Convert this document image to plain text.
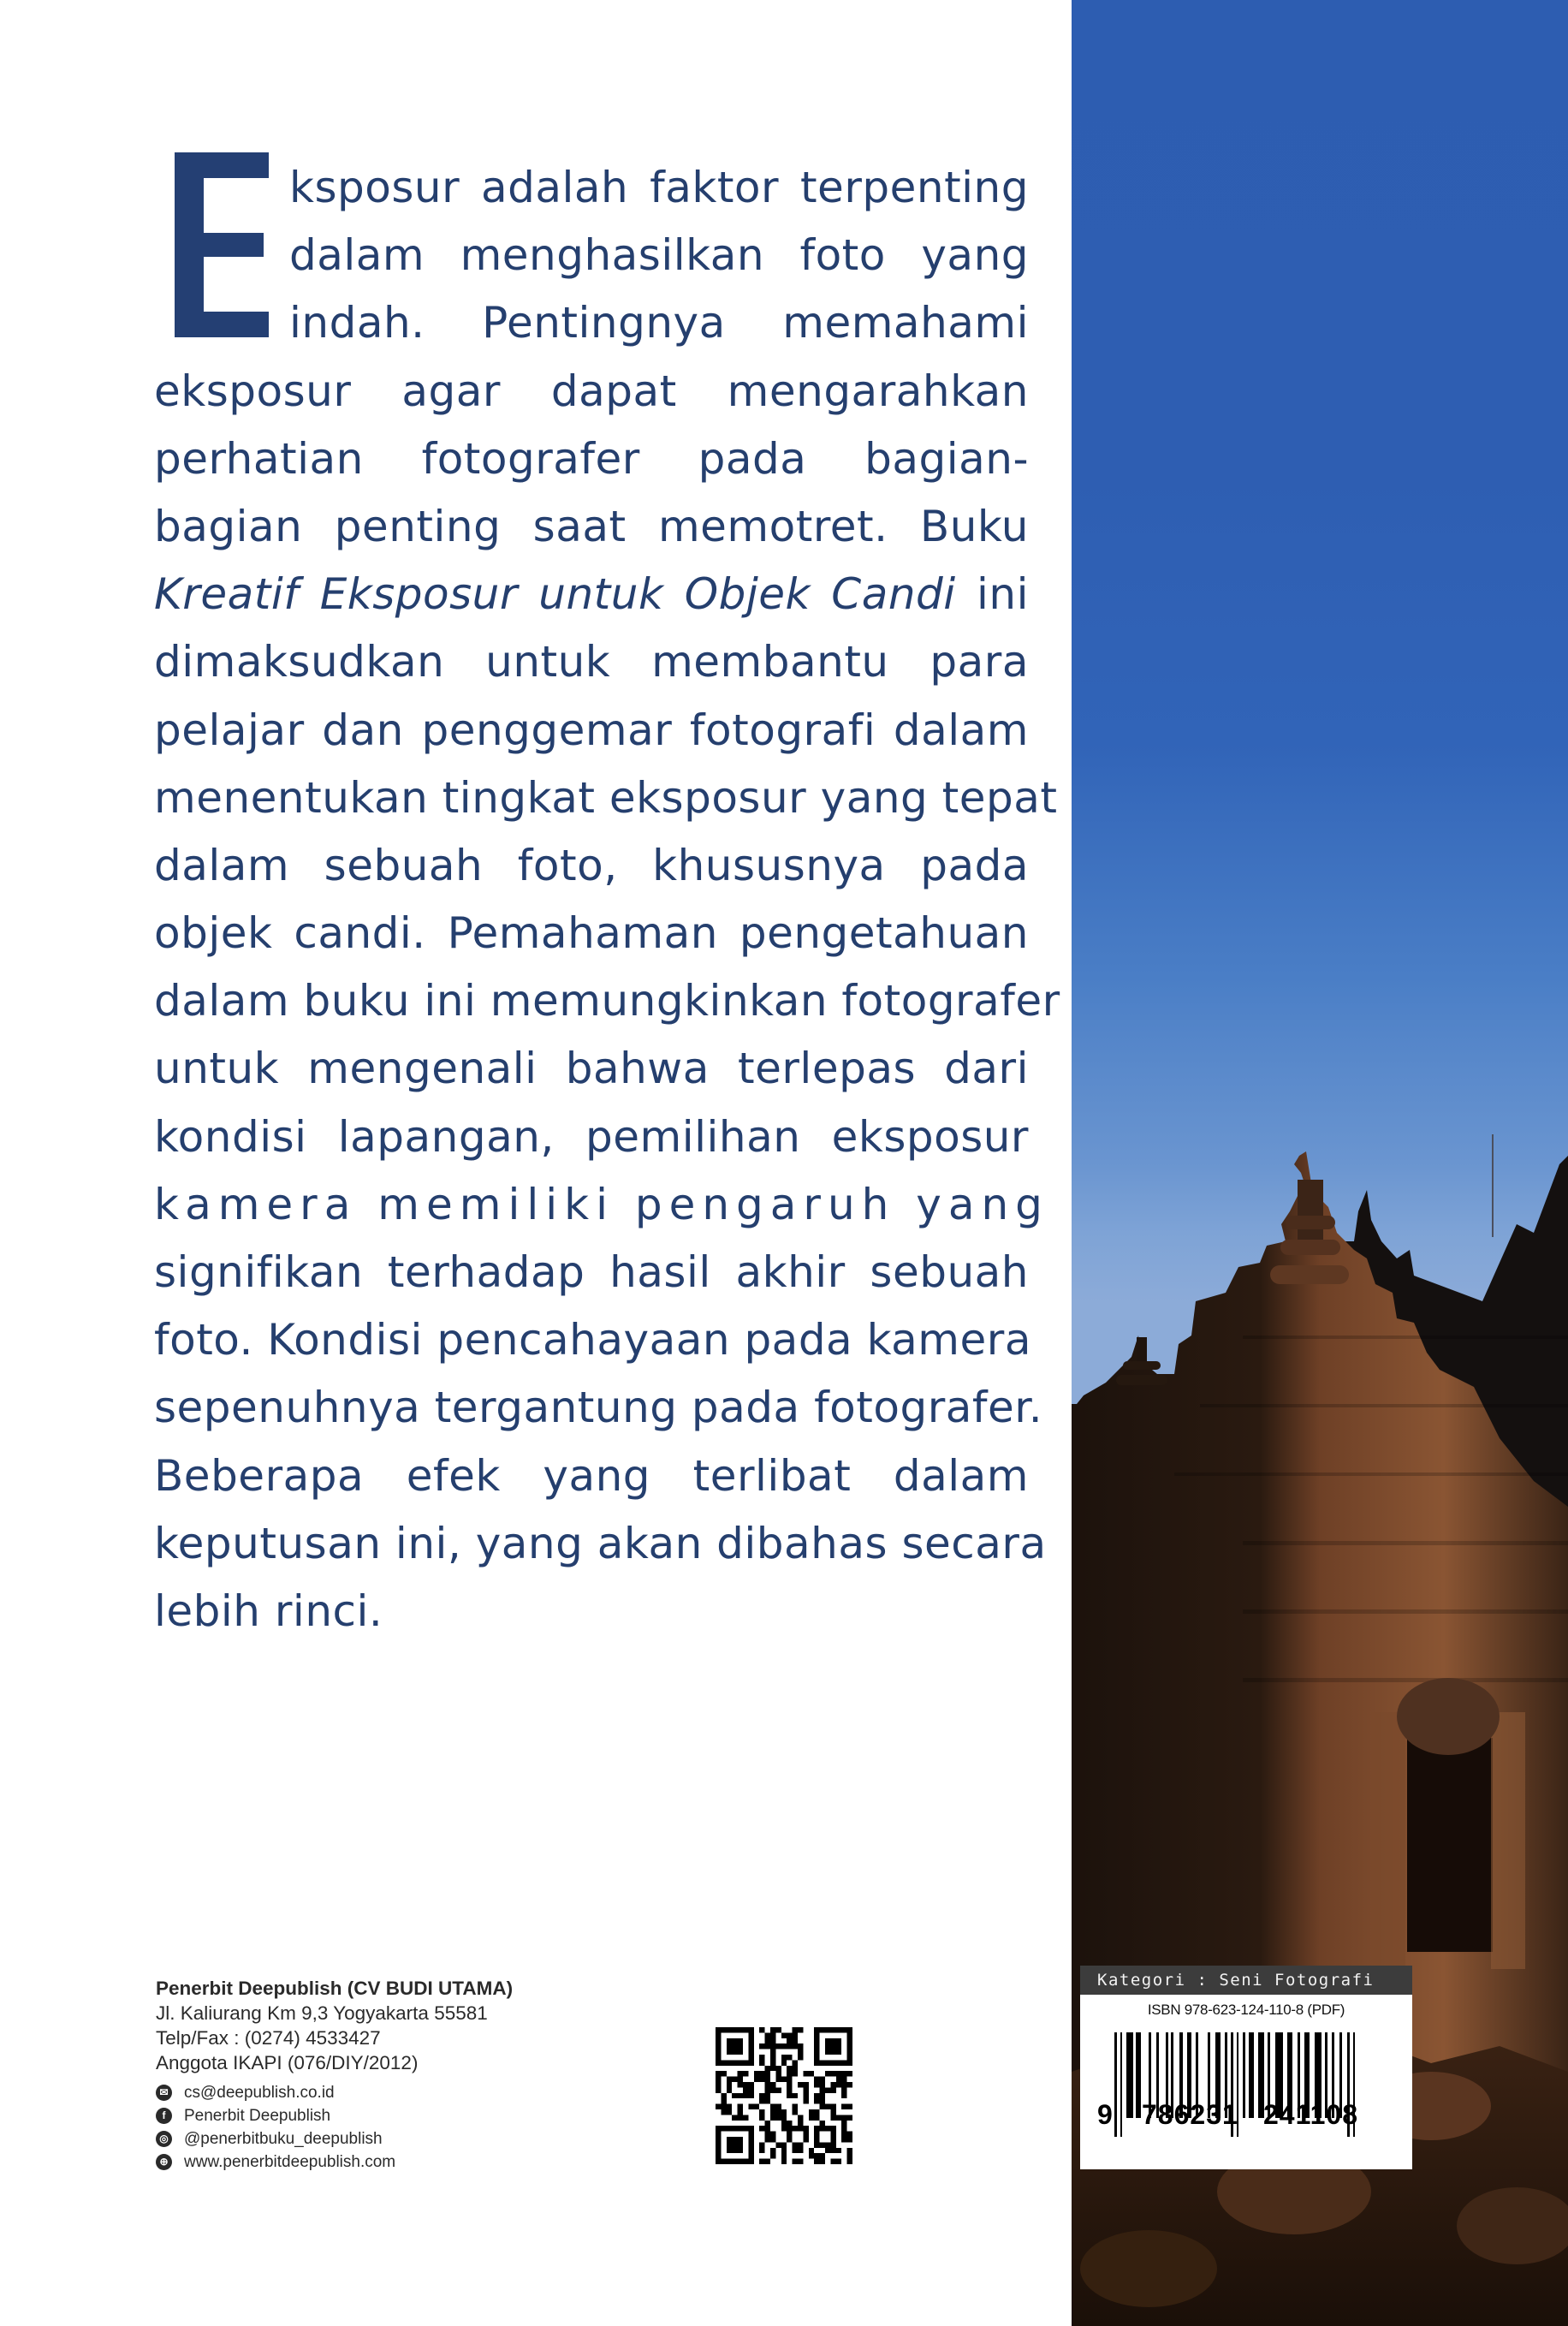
ksposur adalah faktor terpenting
dalam menghasilkan foto yang
indah. Pentingnya memahami
eksposur agar dapat mengarahkan
perhatian fotografer pada bagian-
bagian penting saat memotret. Buku
Kreatif Eksposur untuk Objek Candi ini
dimaksudkan untuk membantu para
pelajar dan penggemar fotografi dalam
menentukan tingkat eksposur yang tepat
dalam sebuah foto, khususnya pada
objek candi. Pemahaman pengetahuan
dalam buku ini memungkinkan fotografer
untuk mengenali bahwa terlepas dari
kondisi lapangan, pemilihan eksposur
kamera memiliki pengaruh yang
signifikan terhadap hasil akhir sebuah
foto. Kondisi pencahayaan pada kamera
sepenuhnya tergantung pada fotografer.
Beberapa efek yang terlibat dalam
keputusan ini, yang akan dibahas secara
lebih rinci.
Penerbit Deepublish (CV BUDI UTAMA)
Jl. Kaliurang Km 9,3 Yogyakarta 55581
Telp/Fax : (0274) 4533427
Anggota IKAPI (076/DIY/2012)
✉ cs@deepublish.co.id
f	Penerbit Deepublish
◎ @penerbitbuku_deepublish
⊕ www.penerbitdeepublish.com
Kategori : Seni Fotografi
ISBN 978-623-124-110-8 (PDF)
9 786231 241108
